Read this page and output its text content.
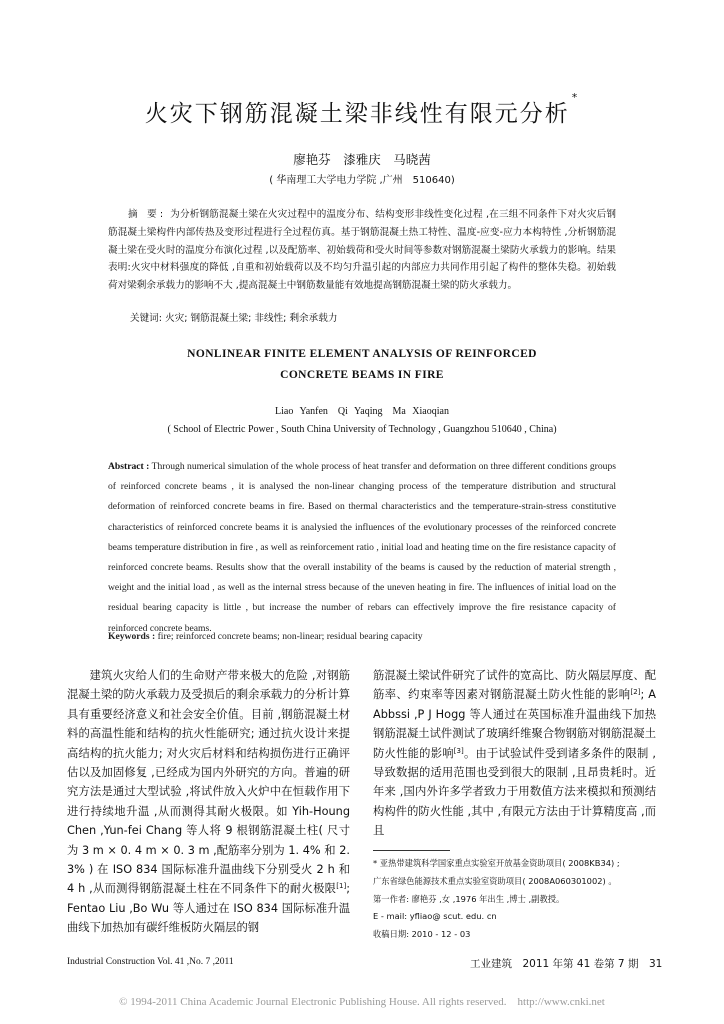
火灾下钢筋混凝土梁非线性有限元分析*
廖艳芬　漆雅庆　马晓茜
( 华南理工大学电力学院 ,广州　510640)
摘　要 : 为分析钢筋混凝土梁在火灾过程中的温度分布、结构变形非线性变化过程 ,在三组不同条件下对火灾后钢筋混凝土梁构件内部传热及变形过程进行全过程仿真。基于钢筋混凝土热工特性、温度-应变-应力本构特性 ,分析钢筋混凝土梁在受火时的温度分布演化过程 ,以及配筋率、初始载荷和受火时间等参数对钢筋混凝土梁防火承载力的影响。结果表明:火灾中材料强度的降低 ,自重和初始载荷以及不均匀升温引起的内部应力共同作用引起了构件的整体失稳。初始载荷对梁剩余承载力的影响不大 ,提高混凝土中钢筋数量能有效地提高钢筋混凝土梁的防火承载力。
关键词: 火灾; 钢筋混凝土梁; 非线性; 剩余承载力
NONLINEAR FINITE ELEMENT ANALYSIS OF REINFORCED
CONCRETE BEAMS IN FIRE
Liao Yanfen　Qi Yaqing　Ma Xiaoqian
( School of Electric Power , South China University of Technology , Guangzhou 510640 , China)
Abstract : Through numerical simulation of the whole process of heat transfer and deformation on three different conditions groups of reinforced concrete beams , it is analysed the non-linear changing process of the temperature distribution and structural deformation of reinforced concrete beams in fire. Based on thermal characteristics and the temperature-strain-stress constitutive characteristics of reinforced concrete beams it is analysied the influences of the evolutionary processes of the reinforced concrete beams temperature distribution in fire , as well as reinforcement ratio , initial load and heating time on the fire resistance capacity of reinforced concrete beams. Results show that the overall instability of the beams is caused by the reduction of material strength , weight and the initial load , as well as the internal stress because of the uneven heating in fire. The influences of initial load on the residual bearing capacity is little , but increase the number of rebars can effectively improve the fire resistance capacity of reinforced concrete beams.
Keywords : fire; reinforced concrete beams; non-linear; residual bearing capacity

建筑火灾给人们的生命财产带来极大的危险 ,对钢筋混凝土梁的防火承载力及受损后的剩余承载力的分析计算具有重要经济意义和社会安全价值。目前 ,钢筋混凝土材料的高温性能和结构的抗火性能研究; 通过抗火设计来提高结构的抗火能力; 对火灾后材料和结构损伤进行正确评估以及加固修复 ,已经成为国内外研究的方向。普遍的研究方法是通过大型试验 ,将试件放入火炉中在恒载作用下进行持续地升温 ,从而测得其耐火极限。如 Yih-Houng Chen ,Yun-fei Chang 等人将 9 根钢筋混凝土柱( 尺寸为 3 m × 0. 4 m × 0. 3 m ,配筋率分别为 1. 4% 和 2. 3% ) 在 ISO 834 国际标准升温曲线下分别受火 2 h 和 4 h ,从而测得钢筋混凝土柱在不同条件下的耐火极限[1]; Fentao Liu ,Bo Wu 等人通过在 ISO 834 国际标准升温曲线下加热加有碳纤维板防火隔层的钢

筋混凝土梁试件研究了试件的宽高比、防火隔层厚度、配筋率、约束率等因素对钢筋混凝土防火性能的影响[2]; A Abbssi ,P J Hogg 等人通过在英国标准升温曲线下加热钢筋混凝土试件测试了玻璃纤维聚合物钢筋对钢筋混凝土防火性能的影响[3]。由于试验试件受到诸多条件的限制 ,导致数据的适用范围也受到很大的限制 ,且昂贵耗时。近年来 ,国内外许多学者致力于用数值方法来模拟和预测结构构件的防火性能 ,其中 ,有限元方法由于计算精度高 ,而且

* 亚热带建筑科学国家重点实验室开放基金资助项目( 2008KB34) ;
广东省绿色能源技术重点实验室资助项目( 2008A060301002) 。
第一作者: 廖艳芬 ,女 ,1976 年出生 ,博士 ,副教授。
E - mail: yfliao@ scut. edu. cn
收稿日期: 2010 - 12 - 03
Industrial Construction Vol. 41 ,No. 7 ,2011	工业建筑　2011 年第 41 卷第 7 期　31
© 1994-2011 China Academic Journal Electronic Publishing House. All rights reserved.　http://www.cnki.net
